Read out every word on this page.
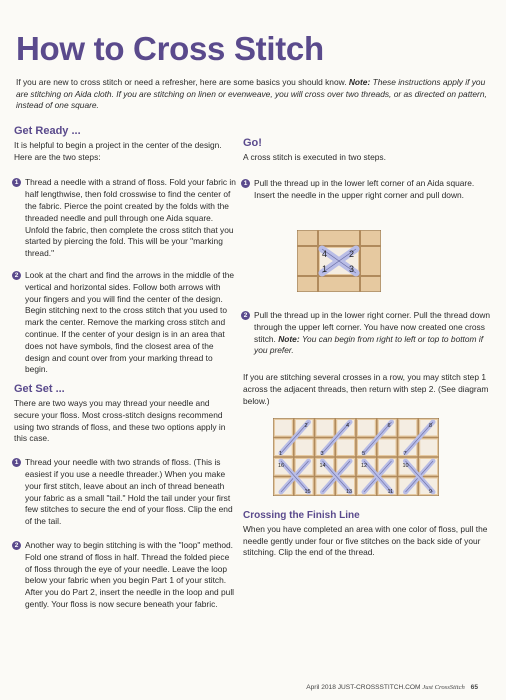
How to Cross Stitch
If you are new to cross stitch or need a refresher, here are some basics you should know. Note: These instructions apply if you are stitching on Aida cloth. If you are stitching on linen or evenweave, you will cross over two threads, or as directed on pattern, instead of one square.
Get Ready ...

It is helpful to begin a project in the center of the design. Here are the two steps:

1 Thread a needle with a strand of floss. Fold your fabric in half lengthwise, then fold crosswise to find the center of the fabric. Pierce the point created by the folds with the threaded needle and pull through one Aida square. Unfold the fabric, then complete the cross stitch that you started by piercing the fold. This will be your "marking thread."

2 Look at the chart and find the arrows in the middle of the vertical and horizontal sides. Follow both arrows with your fingers and you will find the center of the design. Begin stitching next to the cross stitch that you used to mark the center. Remove the marking cross stitch and continue. If the center of your design is in an area that does not have symbols, find the closest area of the design and count over from your marking thread to begin.

Get Set ...

There are two ways you may thread your needle and secure your floss. Most cross-stitch designs recommend using two strands of floss, and these two options apply in this case.

1 Thread your needle with two strands of floss. (This is easiest if you use a needle threader.) When you make your first stitch, leave about an inch of thread beneath your fabric as a small "tail." Hold the tail under your first few stitches to secure the end of your floss. Clip the end of the tail.

2 Another way to begin stitching is with the "loop" method. Fold one strand of floss in half. Thread the folded piece of floss through the eye of your needle. Leave the loop below your fabric when you begin Part 1 of your stitch. After you do Part 2, insert the needle in the loop and pull gently. Your floss is now secure beneath your fabric.

Go!

A cross stitch is executed in two steps.

1 Pull the thread up in the lower left corner of an Aida square. Insert the needle in the upper right corner and pull down.

4 2
1 3
2 Pull the thread up in the lower right corner. Pull the thread down through the upper left corner. You have now created one cross stitch. Note: You can begin from right to left or top to bottom if you prefer.

If you are stitching several crosses in a row, you may stitch step 1 across the adjacent threads, then return with step 2. (See diagram below.)

2
1
16
15
4
3
14
13
6
5
12
11
8
7
10
9
Crossing the Finish Line

When you have completed an area with one color of floss, pull the needle gently under four or five stitches on the back side of your stitching. Clip the end of the thread.

April 2018 JUST-CROSSSTITCH.COM Just CrossStitch 65
